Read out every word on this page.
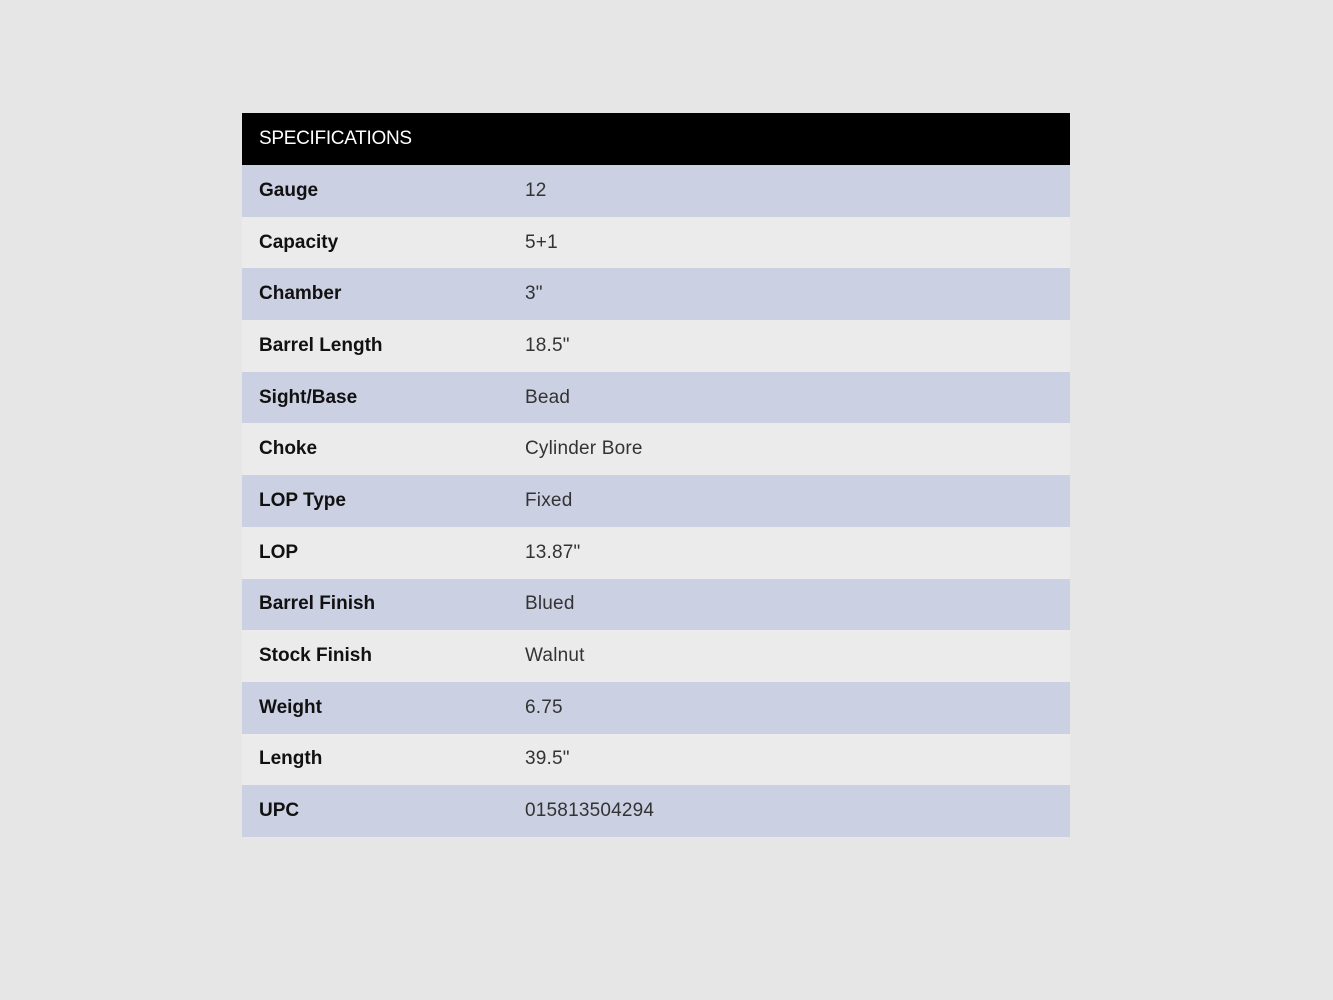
SPECIFICATIONS
Gauge	12
Capacity	5+1
Chamber	3"
Barrel Length	18.5"
Sight/Base	Bead
Choke	Cylinder Bore
LOP Type	Fixed
LOP	13.87"
Barrel Finish	Blued
Stock Finish	Walnut
Weight	6.75
Length	39.5"
UPC	015813504294
